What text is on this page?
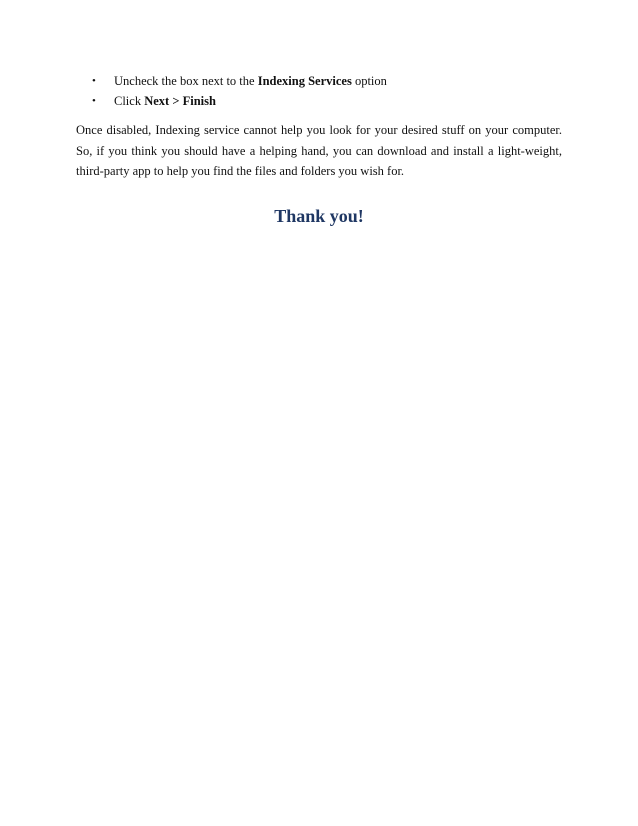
• Uncheck the box next to the Indexing Services option
• Click Next > Finish

Once disabled, Indexing service cannot help you look for your desired stuff on your computer. So, if you think you should have a helping hand, you can download and install a light-weight, third-party app to help you find the files and folders you wish for.

Thank you!
